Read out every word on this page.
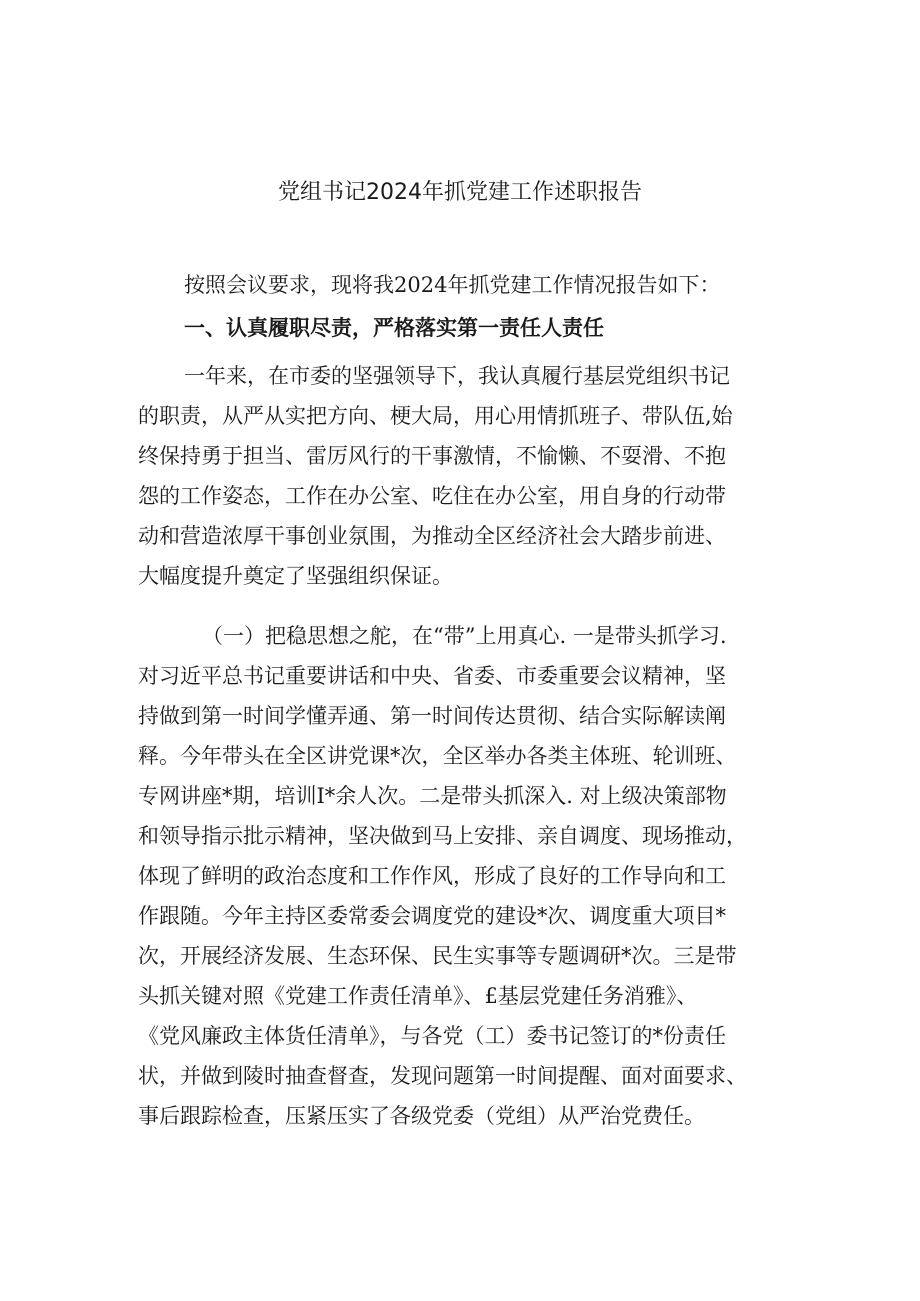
党组书记2024年抓党建工作述职报告
按照会议要求，现将我2024年抓党建工作情况报告如下：
一、认真履职尽责，严格落实第一责任人责任
一年来，在市委的坚强领导下，我认真履行基层党组织书记
的职责，从严从实把方向、梗大局，用心用情抓班子、带队伍,始
终保持勇于担当、雷厉风行的干事激情，不愉懒、不耍滑、不抱
怨的工作姿态，工作在办公室、吃住在办公室，用自身的行动带
动和营造浓厚干事创业氛围，为推动全区经济社会大踏步前进、
大幅度提升奠定了坚强组织保证。
（一）把稳思想之舵，在“带”上用真心. 一是带头抓学习.
对习近平总书记重要讲话和中央、省委、市委重要会议精神，坚
持做到第一时间学懂弄通、第一时间传达贯彻、结合实际解读阐
释。今年带头在全区讲党课*次，全区举办各类主体班、轮训班、
专网讲座*期，培训I*余人次。二是带头抓深入. 对上级决策部物
和领导指示批示精神，坚决做到马上安排、亲自调度、现场推动，
体现了鲜明的政治态度和工作作风，形成了良好的工作导向和工
作跟随。今年主持区委常委会调度党的建设*次、调度重大项目*
次，开展经济发展、生态环保、民生实事等专题调研*次。三是带
头抓关键对照《党建工作责任清单》、£基层党建任务消雅》、
《党风廉政主体货任清单》，与各党（工）委书记签订的*份责任
状，并做到陵时抽查督查，发现问题第一时间提醒、面对面要求、
事后跟踪检查，压紧压实了各级党委（党组）从严治党费任。
